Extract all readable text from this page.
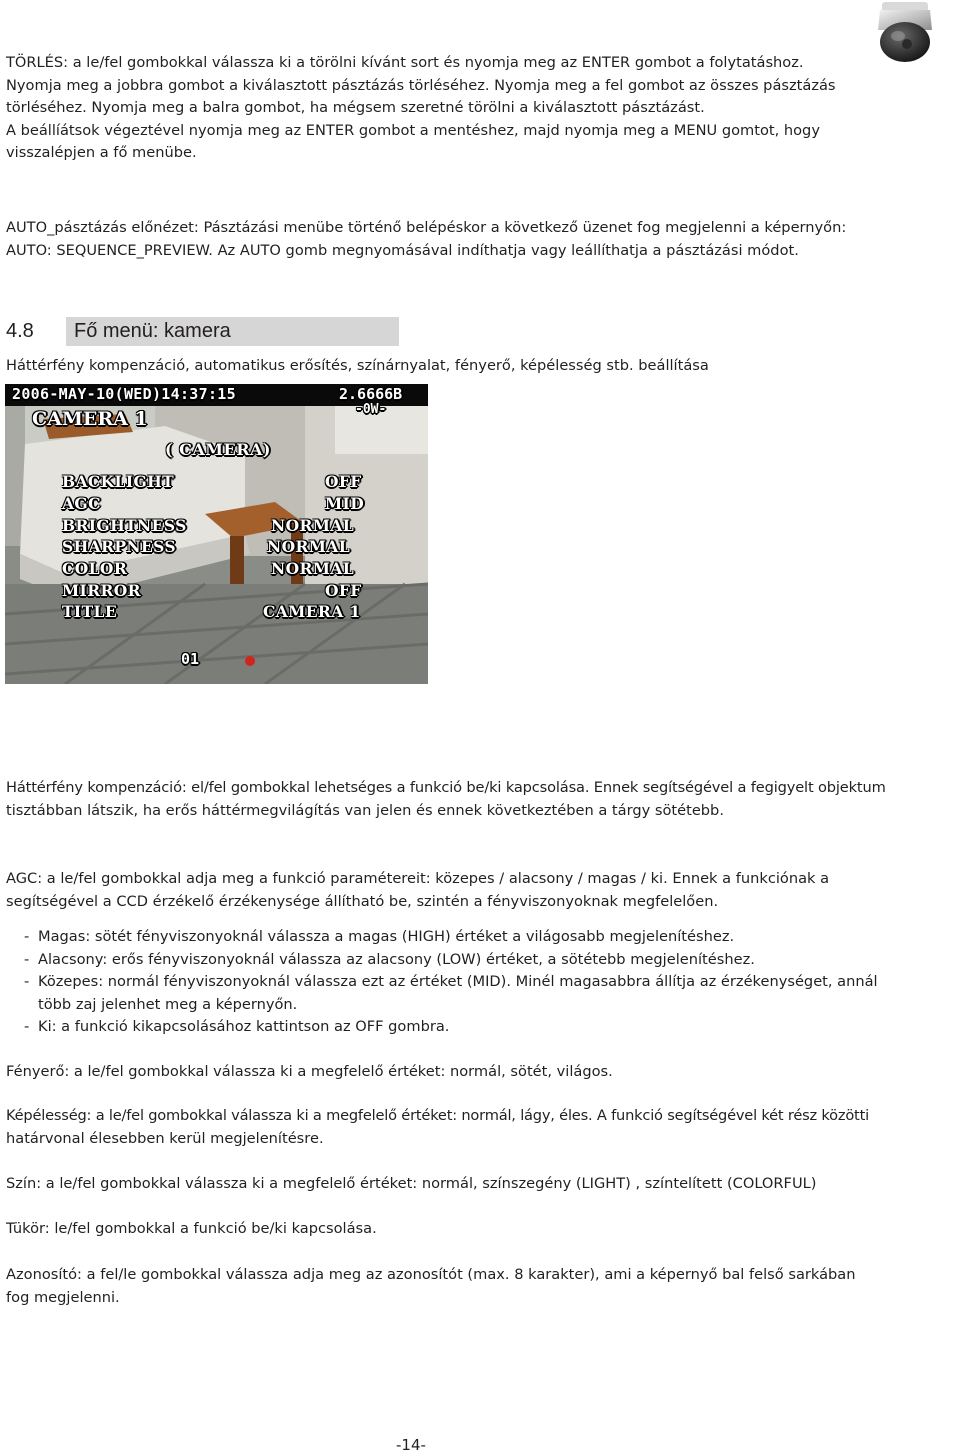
TÖRLÉS: a le/fel gombokkal válassza ki a törölni kívánt sort és nyomja meg az ENTER gombot a folytatáshoz.
Nyomja meg a jobbra gombot a kiválasztott pásztázás törléséhez. Nyomja meg a fel gombot az összes pásztázás
törléséhez. Nyomja meg a balra gombot, ha mégsem szeretné törölni a kiválasztott pásztázást.
A beállíátsok végeztével nyomja meg az ENTER gombot a mentéshez, majd nyomja meg a MENU gomtot, hogy
visszalépjen a fő menübe.

AUTO_pásztázás előnézet: Pásztázási menübe történő belépéskor a következő üzenet fog megjelenni a képernyőn:
AUTO: SEQUENCE_PREVIEW. Az AUTO gomb megnyomásával indíthatja vagy leállíthatja a pásztázási módot.

4.8 Fő menü: kamera

Háttérfény kompenzáció, automatikus erősítés, színárnyalat, fényerő, képélesség stb. beállítása

2006-MAY-10(WED)14:37:15	2.6666B
-0W-
CAMERA 1
( CAMERA)
BACKLIGHT	OFF
AGC	MID
BRIGHTNESS	NORMAL
SHARPNESS	NORMAL
COLOR	NORMAL
MIRROR	OFF
TITLE	CAMERA 1
01

Háttérfény kompenzáció: el/fel gombokkal lehetséges a funkció be/ki kapcsolása. Ennek segítségével a fegigyelt objektum
tisztábban látszik, ha erős háttérmegvilágítás van jelen és ennek következtében a tárgy sötétebb.

AGC: a le/fel gombokkal adja meg a funkció paramétereit: közepes / alacsony / magas / ki. Ennek a funkciónak a
segítségével a CCD érzékelő érzékenysége állítható be, szintén a fényviszonyoknak megfelelően.

- Magas: sötét fényviszonyoknál válassza a magas (HIGH) értéket a világosabb megjelenítéshez.
- Alacsony: erős fényviszonyoknál válassza az alacsony (LOW) értéket, a sötétebb megjelenítéshez.
- Közepes: normál fényviszonyoknál válassza ezt az értéket (MID). Minél magasabbra állítja az érzékenységet, annál
több zaj jelenhet meg a képernyőn.
- Ki: a funkció kikapcsolásához kattintson az OFF gombra.

Fényerő: a le/fel gombokkal válassza ki a megfelelő értéket: normál, sötét, világos.

Képélesség: a le/fel gombokkal válassza ki a megfelelő értéket: normál, lágy, éles. A funkció segítségével két rész közötti
határvonal élesebben kerül megjelenítésre.

Szín: a le/fel gombokkal válassza ki a megfelelő értéket: normál, színszegény (LIGHT) , színtelített (COLORFUL)

Tükör: le/fel gombokkal a funkció be/ki kapcsolása.

Azonosító: a fel/le gombokkal válassza adja meg az azonosítót (max. 8 karakter), ami a képernyő bal felső sarkában
fog megjelenni.

-14-
